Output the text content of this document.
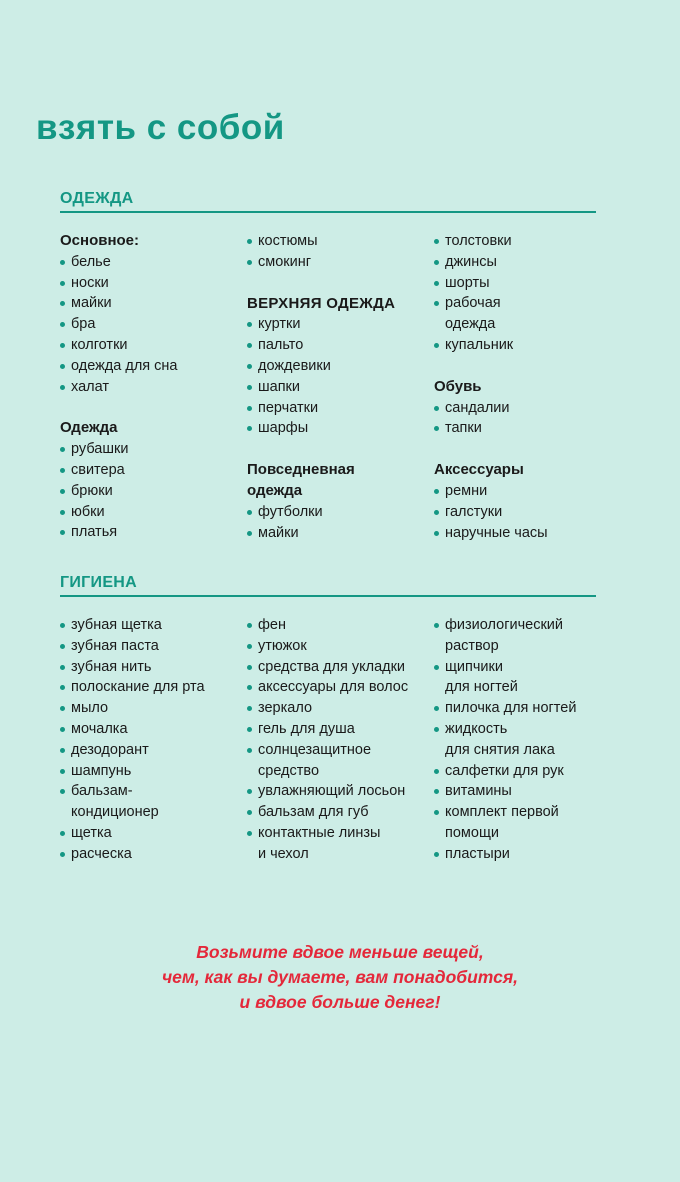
взять с собой
ОДЕЖДА
Основное:
белье
носки
майки
бра
колготки
одежда для сна
халат
Одежда
рубашки
свитера
брюки
юбки
платья
костюмы
смокинг
ВЕРХНЯЯ ОДЕЖДА
куртки
пальто
дождевики
шапки
перчатки
шарфы
Повседневная
одежда
футболки
майки
толстовки
джинсы
шорты
рабочая
одежда
купальник
Обувь
сандалии
тапки
Аксессуары
ремни
галстуки
наручные часы
ГИГИЕНА
зубная щетка
зубная паста
зубная нить
полоскание для рта
мыло
мочалка
дезодорант
шампунь
бальзам-
кондиционер
щетка
расческа
фен
утюжок
средства для укладки
аксессуары для волос
зеркало
гель для душа
солнцезащитное
средство
увлажняющий лосьон
бальзам для губ
контактные линзы
и чехол
физиологический
раствор
щипчики
для ногтей
пилочка для ногтей
жидкость
для снятия лака
салфетки для рук
витамины
комплект первой
помощи
пластыри
Возьмите вдвое меньше вещей,
чем, как вы думаете, вам понадобится,
и вдвое больше денег!
